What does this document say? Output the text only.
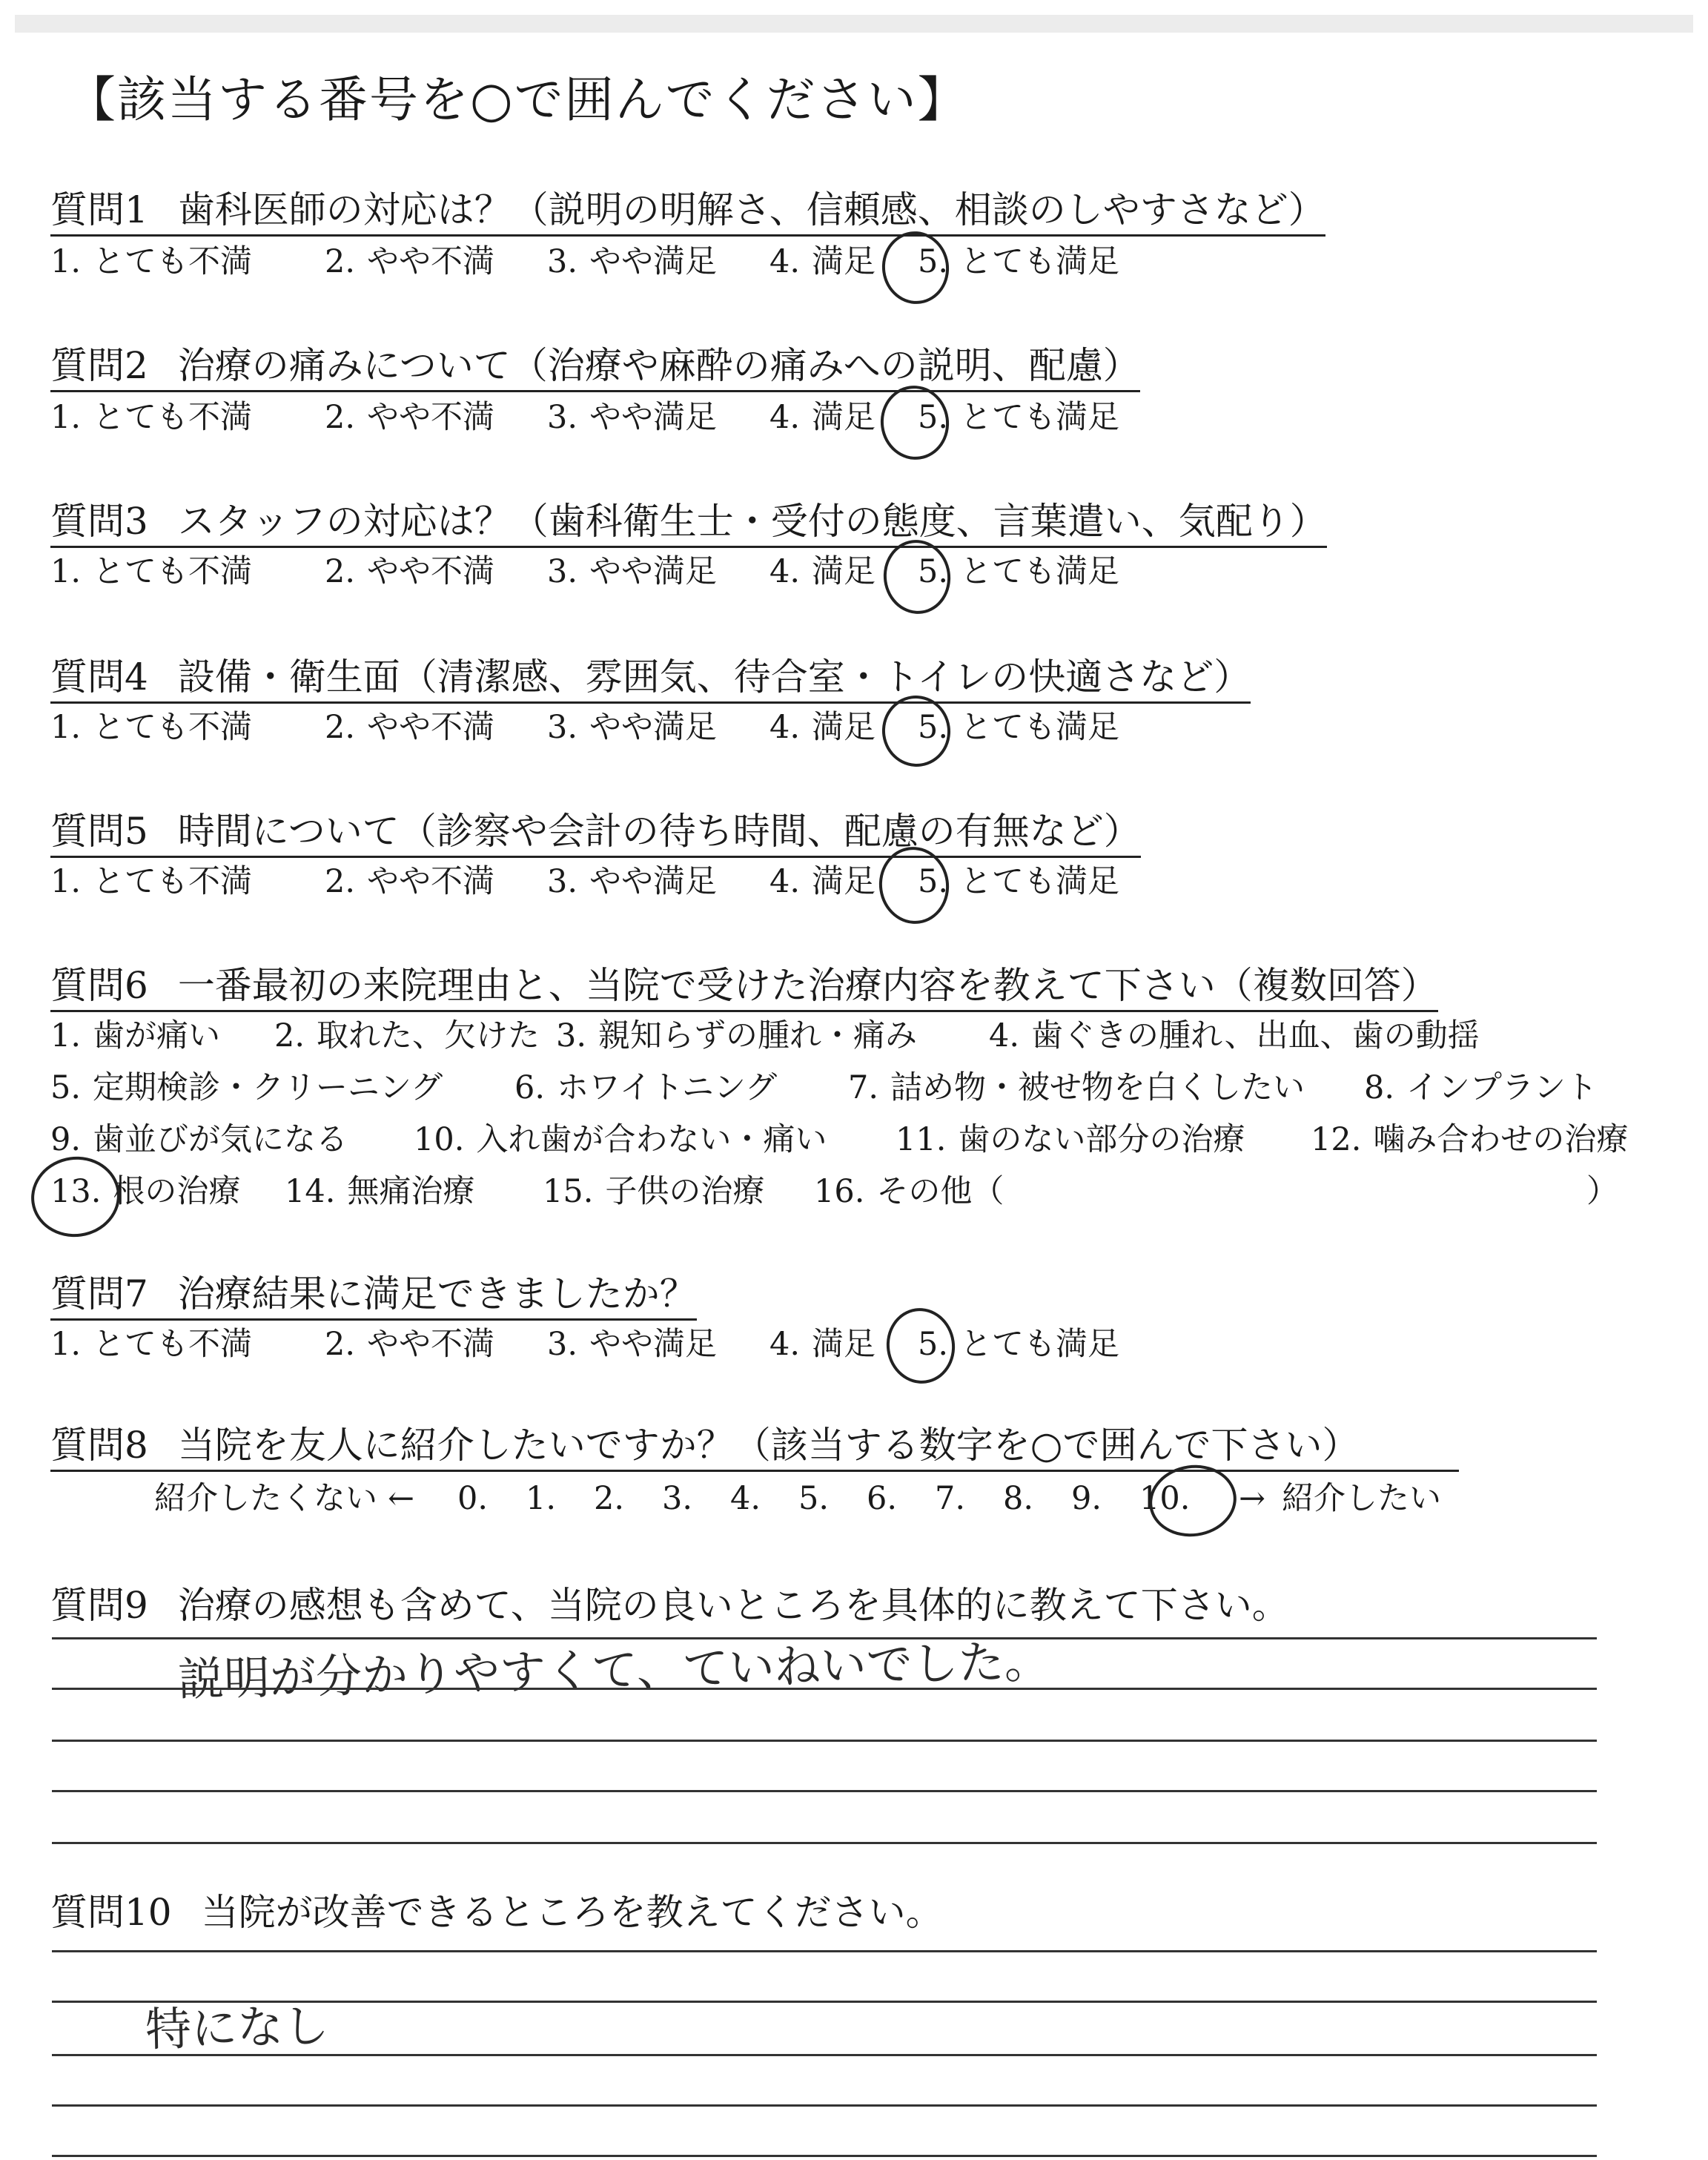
【該当する番号を○で囲んでください】
質問1 歯科医師の対応は？（説明の明解さ、信頼感、相談のしやすさなど）
1. とても不満 2. やや不満 3. やや満足 4. 満足 5. とても満足
質問2 治療の痛みについて（治療や麻酔の痛みへの説明、配慮）
1. とても不満 2. やや不満 3. やや満足 4. 満足 5. とても満足
質問3 スタッフの対応は？（歯科衛生士・受付の態度、言葉遣い、気配り）
1. とても不満 2. やや不満 3. やや満足 4. 満足 5. とても満足
質問4 設備・衛生面（清潔感、雰囲気、待合室・トイレの快適さなど）
1. とても不満 2. やや不満 3. やや満足 4. 満足 5. とても満足
質問5 時間について（診察や会計の待ち時間、配慮の有無など）
1. とても不満 2. やや不満 3. やや満足 4. 満足 5. とても満足
質問6 一番最初の来院理由と、当院で受けた治療内容を教えて下さい（複数回答）
1. 歯が痛い 2. 取れた、欠けた 3. 親知らずの腫れ・痛み 4. 歯ぐきの腫れ、出血、歯の動揺
5. 定期検診・クリーニング 6. ホワイトニング 7. 詰め物・被せ物を白くしたい 8. インプラント
9. 歯並びが気になる 10. 入れ歯が合わない・痛い 11. 歯のない部分の治療 12. 噛み合わせの治療
13. 根の治療 14. 無痛治療 15. 子供の治療 16. その他（	）
質問7 治療結果に満足できましたか？
1. とても不満 2. やや不満 3. やや満足 4. 満足 5. とても満足
質問8 当院を友人に紹介したいですか？（該当する数字を○で囲んで下さい）
紹介したくない ← 0. 1. 2. 3. 4. 5. 6. 7. 8. 9. 10. → 紹介したい
質問9 治療の感想も含めて、当院の良いところを具体的に教えて下さい。
説明が分かりやすくて、ていねいでした。
質問10 当院が改善できるところを教えてください。
特になし
